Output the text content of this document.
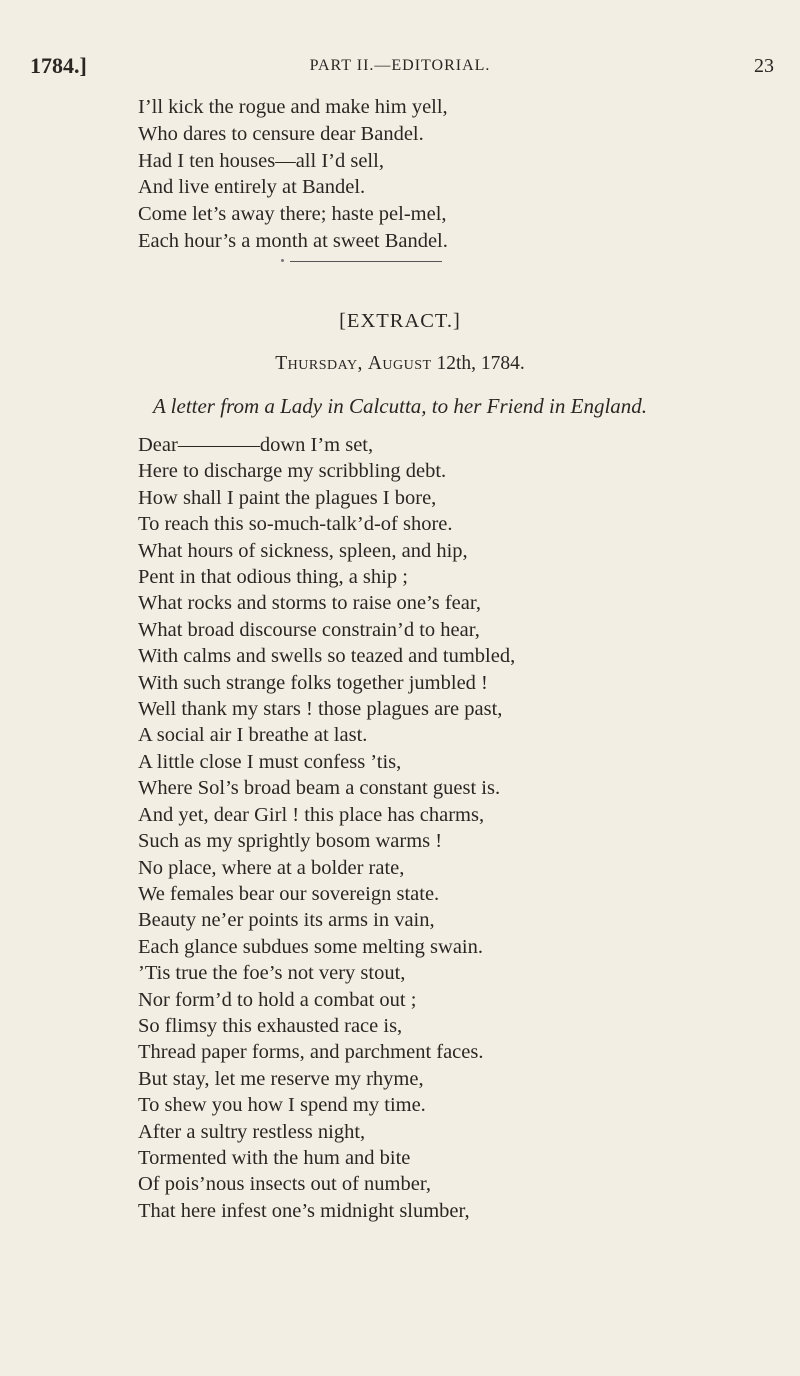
1784.]	PART II.—EDITORIAL.	23
I’ll kick the rogue and make him yell,
Who dares to censure dear Bandel.
Had I ten houses—all I’d sell,
And live entirely at Bandel.
Come let’s away there; haste pel-mel,
Each hour’s a month at sweet Bandel.
[EXTRACT.]
Thursday, August 12th, 1784.
A letter from a Lady in Calcutta, to her Friend in England.
Dear————down I’m set,
Here to discharge my scribbling debt.
How shall I paint the plagues I bore,
To reach this so-much-talk’d-of shore.
What hours of sickness, spleen, and hip,
Pent in that odious thing, a ship ;
What rocks and storms to raise one’s fear,
What broad discourse constrain’d to hear,
With calms and swells so teazed and tumbled,
With such strange folks together jumbled !
Well thank my stars ! those plagues are past,
A social air I breathe at last.
A little close I must confess ’tis,
Where Sol’s broad beam a constant guest is.
And yet, dear Girl ! this place has charms,
Such as my sprightly bosom warms !
No place, where at a bolder rate,
We females bear our sovereign state.
Beauty ne’er points its arms in vain,
Each glance subdues some melting swain.
’Tis true the foe’s not very stout,
Nor form’d to hold a combat out ;
So flimsy this exhausted race is,
Thread paper forms, and parchment faces.
But stay, let me reserve my rhyme,
To shew you how I spend my time.
After a sultry restless night,
Tormented with the hum and bite
Of pois’nous insects out of number,
That here infest one’s midnight slumber,
